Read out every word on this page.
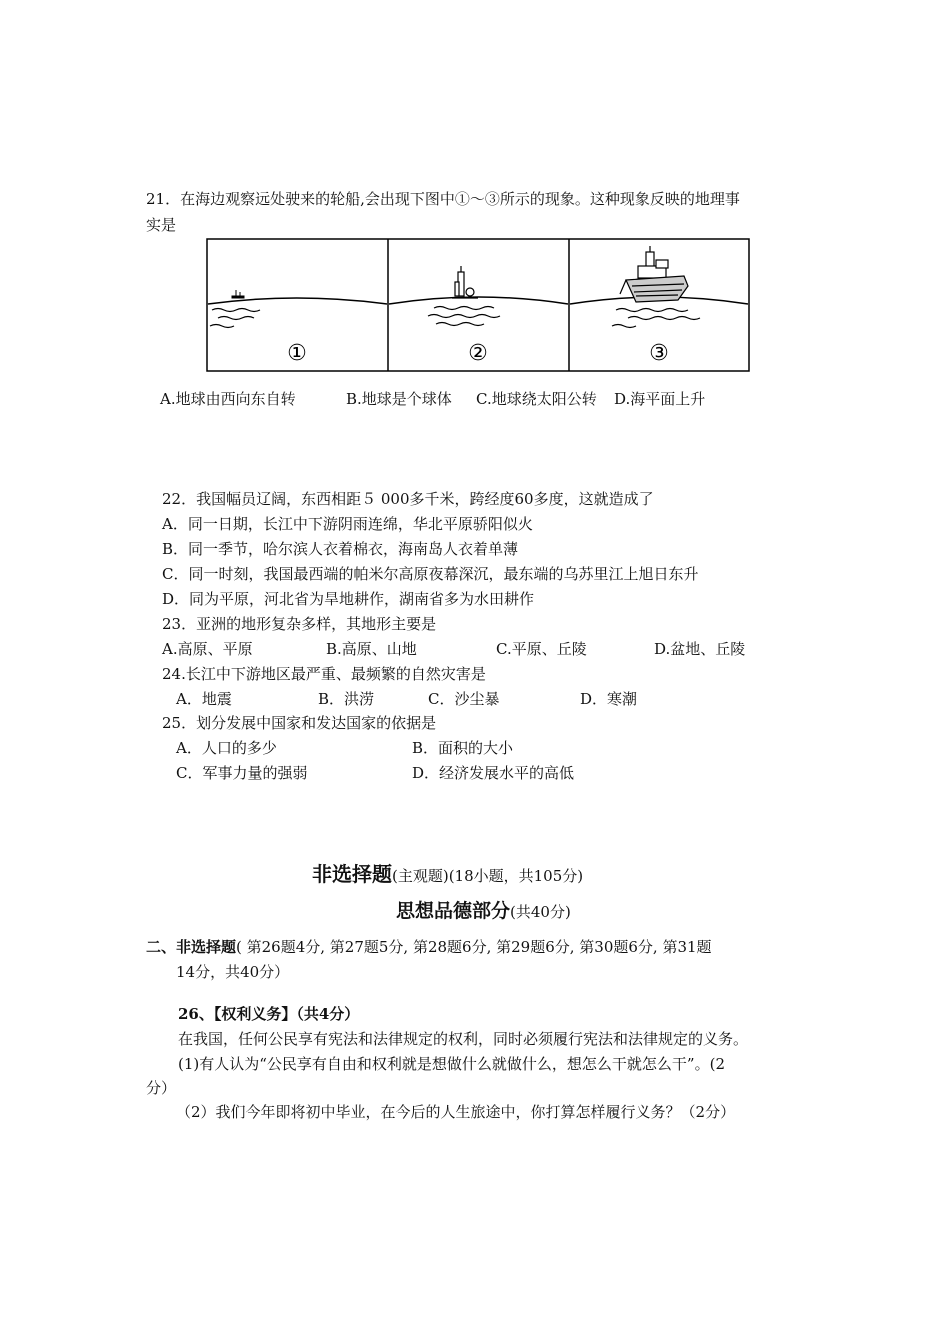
21．在海边观察远处驶来的轮船,会出现下图中①～③所示的现象。这种现象反映的地理事
实是
①	②	③
A.地球由西向东自转	B.地球是个球体 C.地球绕太阳公转 D.海平面上升
22．我国幅员辽阔，东西相距５ 000多千米，跨经度60多度，这就造成了
A．同一日期，长江中下游阴雨连绵，华北平原骄阳似火
B．同一季节，哈尔滨人衣着棉衣，海南岛人衣着单薄
C．同一时刻，我国最西端的帕米尔高原夜幕深沉，最东端的乌苏里江上旭日东升
D．同为平原，河北省为旱地耕作，湖南省多为水田耕作
23．亚洲的地形复杂多样，其地形主要是
A.高原、平原	B.高原、山地	C.平原、丘陵	D.盆地、丘陵
24.长江中下游地区最严重、最频繁的自然灾害是
A．地震	B．洪涝	C．沙尘暴	D．寒潮
25．划分发展中国家和发达国家的依据是
A．人口的多少	B．面积的大小
C．军事力量的强弱	D．经济发展水平的高低
非选择题(主观题)(18小题，共105分)
思想品德部分(共40分)
二、非选择题( 第26题4分, 第27题5分, 第28题6分, 第29题6分, 第30题6分, 第31题
14分，共40分）
26、【权利义务】（共4分）
在我国，任何公民享有宪法和法律规定的权利，同时必须履行宪法和法律规定的义务。
(1)有人认为“公民享有自由和权利就是想做什么就做什么，想怎么干就怎么干”。(2
分）
（2）我们今年即将初中毕业，在今后的人生旅途中，你打算怎样履行义务？（2分）
